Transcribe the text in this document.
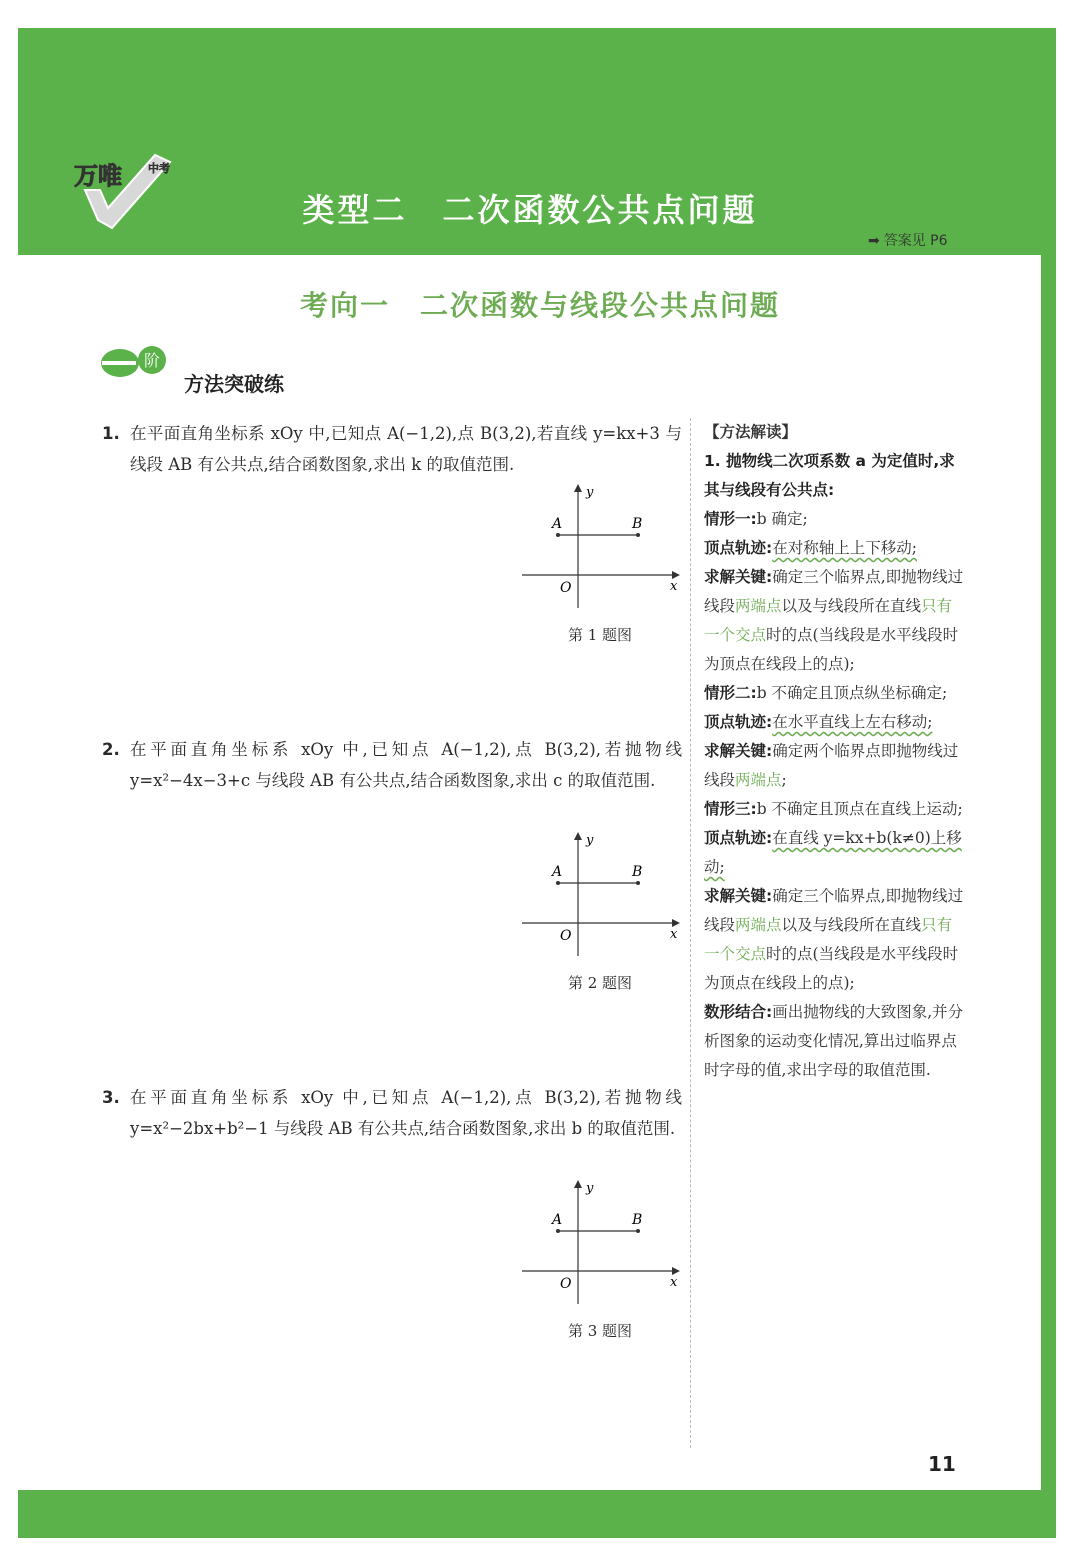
万唯 中考
类型二　二次函数公共点问题
➡ 答案见 P6
考向一　二次函数与线段公共点问题
阶
方法突破练
1. 在平面直角坐标系 xOy 中,已知点 A(−1,2),点 B(3,2),若直线 y=kx+3 与线段 AB 有公共点,结合函数图象,求出 k 的取值范围.
y
x
O
A	B
第 1 题图
2. 在平面直角坐标系 xOy 中,已知点 A(−1,2),点 B(3,2),若抛物线 y=x²−4x−3+c 与线段 AB 有公共点,结合函数图象,求出 c 的取值范围.
y
x
O
A	B
第 2 题图
3. 在平面直角坐标系 xOy 中,已知点 A(−1,2),点 B(3,2),若抛物线 y=x²−2bx+b²−1 与线段 AB 有公共点,结合函数图象,求出 b 的取值范围.
y
x
O
A	B
第 3 题图

【方法解读】

1. 抛物线二次项系数 a 为定值时,求其与线段有公共点:

情形一:b 确定;

顶点轨迹:在对称轴上上下移动;

求解关键:确定三个临界点,即抛物线过线段两端点以及与线段所在直线只有一个交点时的点(当线段是水平线段时为顶点在线段上的点);

情形二:b 不确定且顶点纵坐标确定;

顶点轨迹:在水平直线上左右移动;

求解关键:确定两个临界点即抛物线过线段两端点;

情形三:b 不确定且顶点在直线上运动;

顶点轨迹:在直线 y=kx+b(k≠0)上移动;

求解关键:确定三个临界点,即抛物线过线段两端点以及与线段所在直线只有一个交点时的点(当线段是水平线段时为顶点在线段上的点);

数形结合:画出抛物线的大致图象,并分析图象的运动变化情况,算出过临界点时字母的值,求出字母的取值范围.

11
